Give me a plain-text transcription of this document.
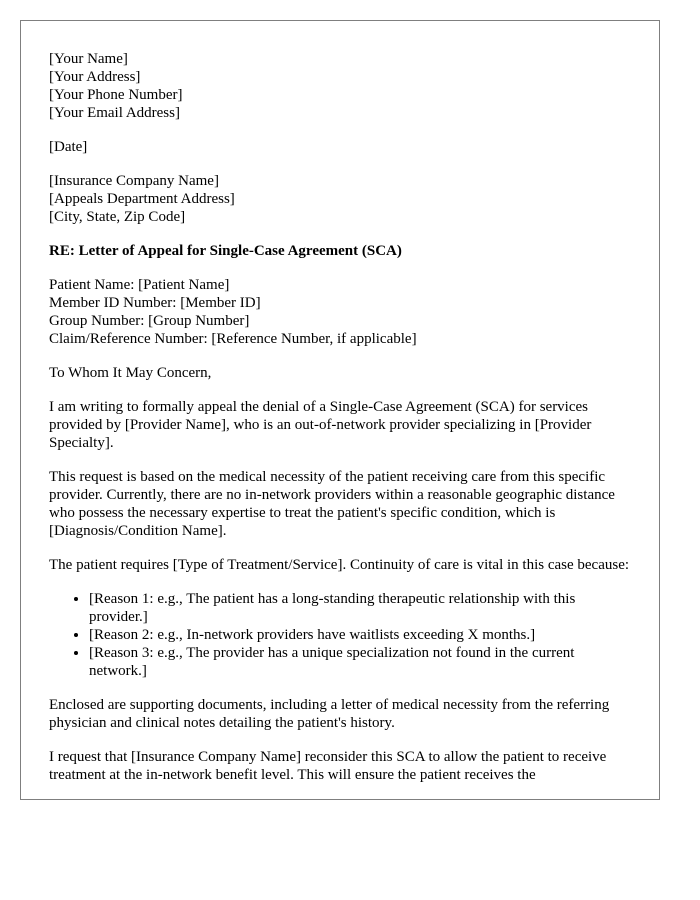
[Your Name]
[Your Address]
[Your Phone Number]
[Your Email Address]
[Date]
[Insurance Company Name]
[Appeals Department Address]
[City, State, Zip Code]
RE: Letter of Appeal for Single-Case Agreement (SCA)
Patient Name: [Patient Name]
Member ID Number: [Member ID]
Group Number: [Group Number]
Claim/Reference Number: [Reference Number, if applicable]

To Whom It May Concern,

I am writing to formally appeal the denial of a Single-Case Agreement (SCA) for services provided by [Provider Name], who is an out-of-network provider specializing in [Provider Specialty].

This request is based on the medical necessity of the patient receiving care from this specific provider. Currently, there are no in-network providers within a reasonable geographic distance who possess the necessary expertise to treat the patient's specific condition, which is [Diagnosis/Condition Name].

The patient requires [Type of Treatment/Service]. Continuity of care is vital in this case because:

• [Reason 1: e.g., The patient has a long-standing therapeutic relationship with this provider.]
• [Reason 2: e.g., In-network providers have waitlists exceeding X months.]
• [Reason 3: e.g., The provider has a unique specialization not found in the current network.]

Enclosed are supporting documents, including a letter of medical necessity from the referring physician and clinical notes detailing the patient's history.

I request that [Insurance Company Name] reconsider this SCA to allow the patient to receive treatment at the in-network benefit level. This will ensure the patient receives the
